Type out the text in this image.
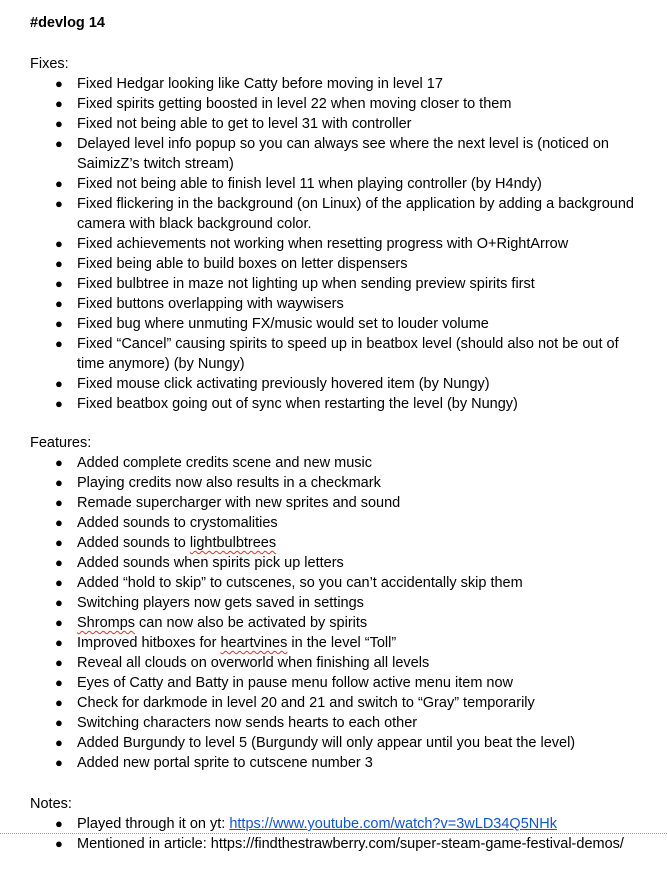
#devlog 14
Fixes:
● Fixed Hedgar looking like Catty before moving in level 17
● Fixed spirits getting boosted in level 22 when moving closer to them
● Fixed not being able to get to level 31 with controller
● Delayed level info popup so you can always see where the next level is (noticed on SaimizZ’s twitch stream)
● Fixed not being able to finish level 11 when playing controller (by H4ndy)
● Fixed flickering in the background (on Linux) of the application by adding a background camera with black background color.
● Fixed achievements not working when resetting progress with O+RightArrow
● Fixed being able to build boxes on letter dispensers
● Fixed bulbtree in maze not lighting up when sending preview spirits first
● Fixed buttons overlapping with waywisers
● Fixed bug where unmuting FX/music would set to louder volume
● Fixed “Cancel” causing spirits to speed up in beatbox level (should also not be out of time anymore) (by Nungy)
● Fixed mouse click activating previously hovered item (by Nungy)
● Fixed beatbox going out of sync when restarting the level (by Nungy)
Features:
● Added complete credits scene and new music
● Playing credits now also results in a checkmark
● Remade supercharger with new sprites and sound
● Added sounds to crystomalities
● Added sounds to lightbulbtrees
● Added sounds when spirits pick up letters
● Added “hold to skip” to cutscenes, so you can’t accidentally skip them
● Switching players now gets saved in settings
● Shromps can now also be activated by spirits
● Improved hitboxes for heartvines in the level “Toll”
● Reveal all clouds on overworld when finishing all levels
● Eyes of Catty and Batty in pause menu follow active menu item now
● Check for darkmode in level 20 and 21 and switch to “Gray” temporarily
● Switching characters now sends hearts to each other
● Added Burgundy to level 5 (Burgundy will only appear until you beat the level)
● Added new portal sprite to cutscene number 3
Notes:
● Played through it on yt: https://www.youtube.com/watch?v=3wLD34Q5NHk
● Mentioned in article: https://findthestrawberry.com/super-steam-game-festival-demos/
